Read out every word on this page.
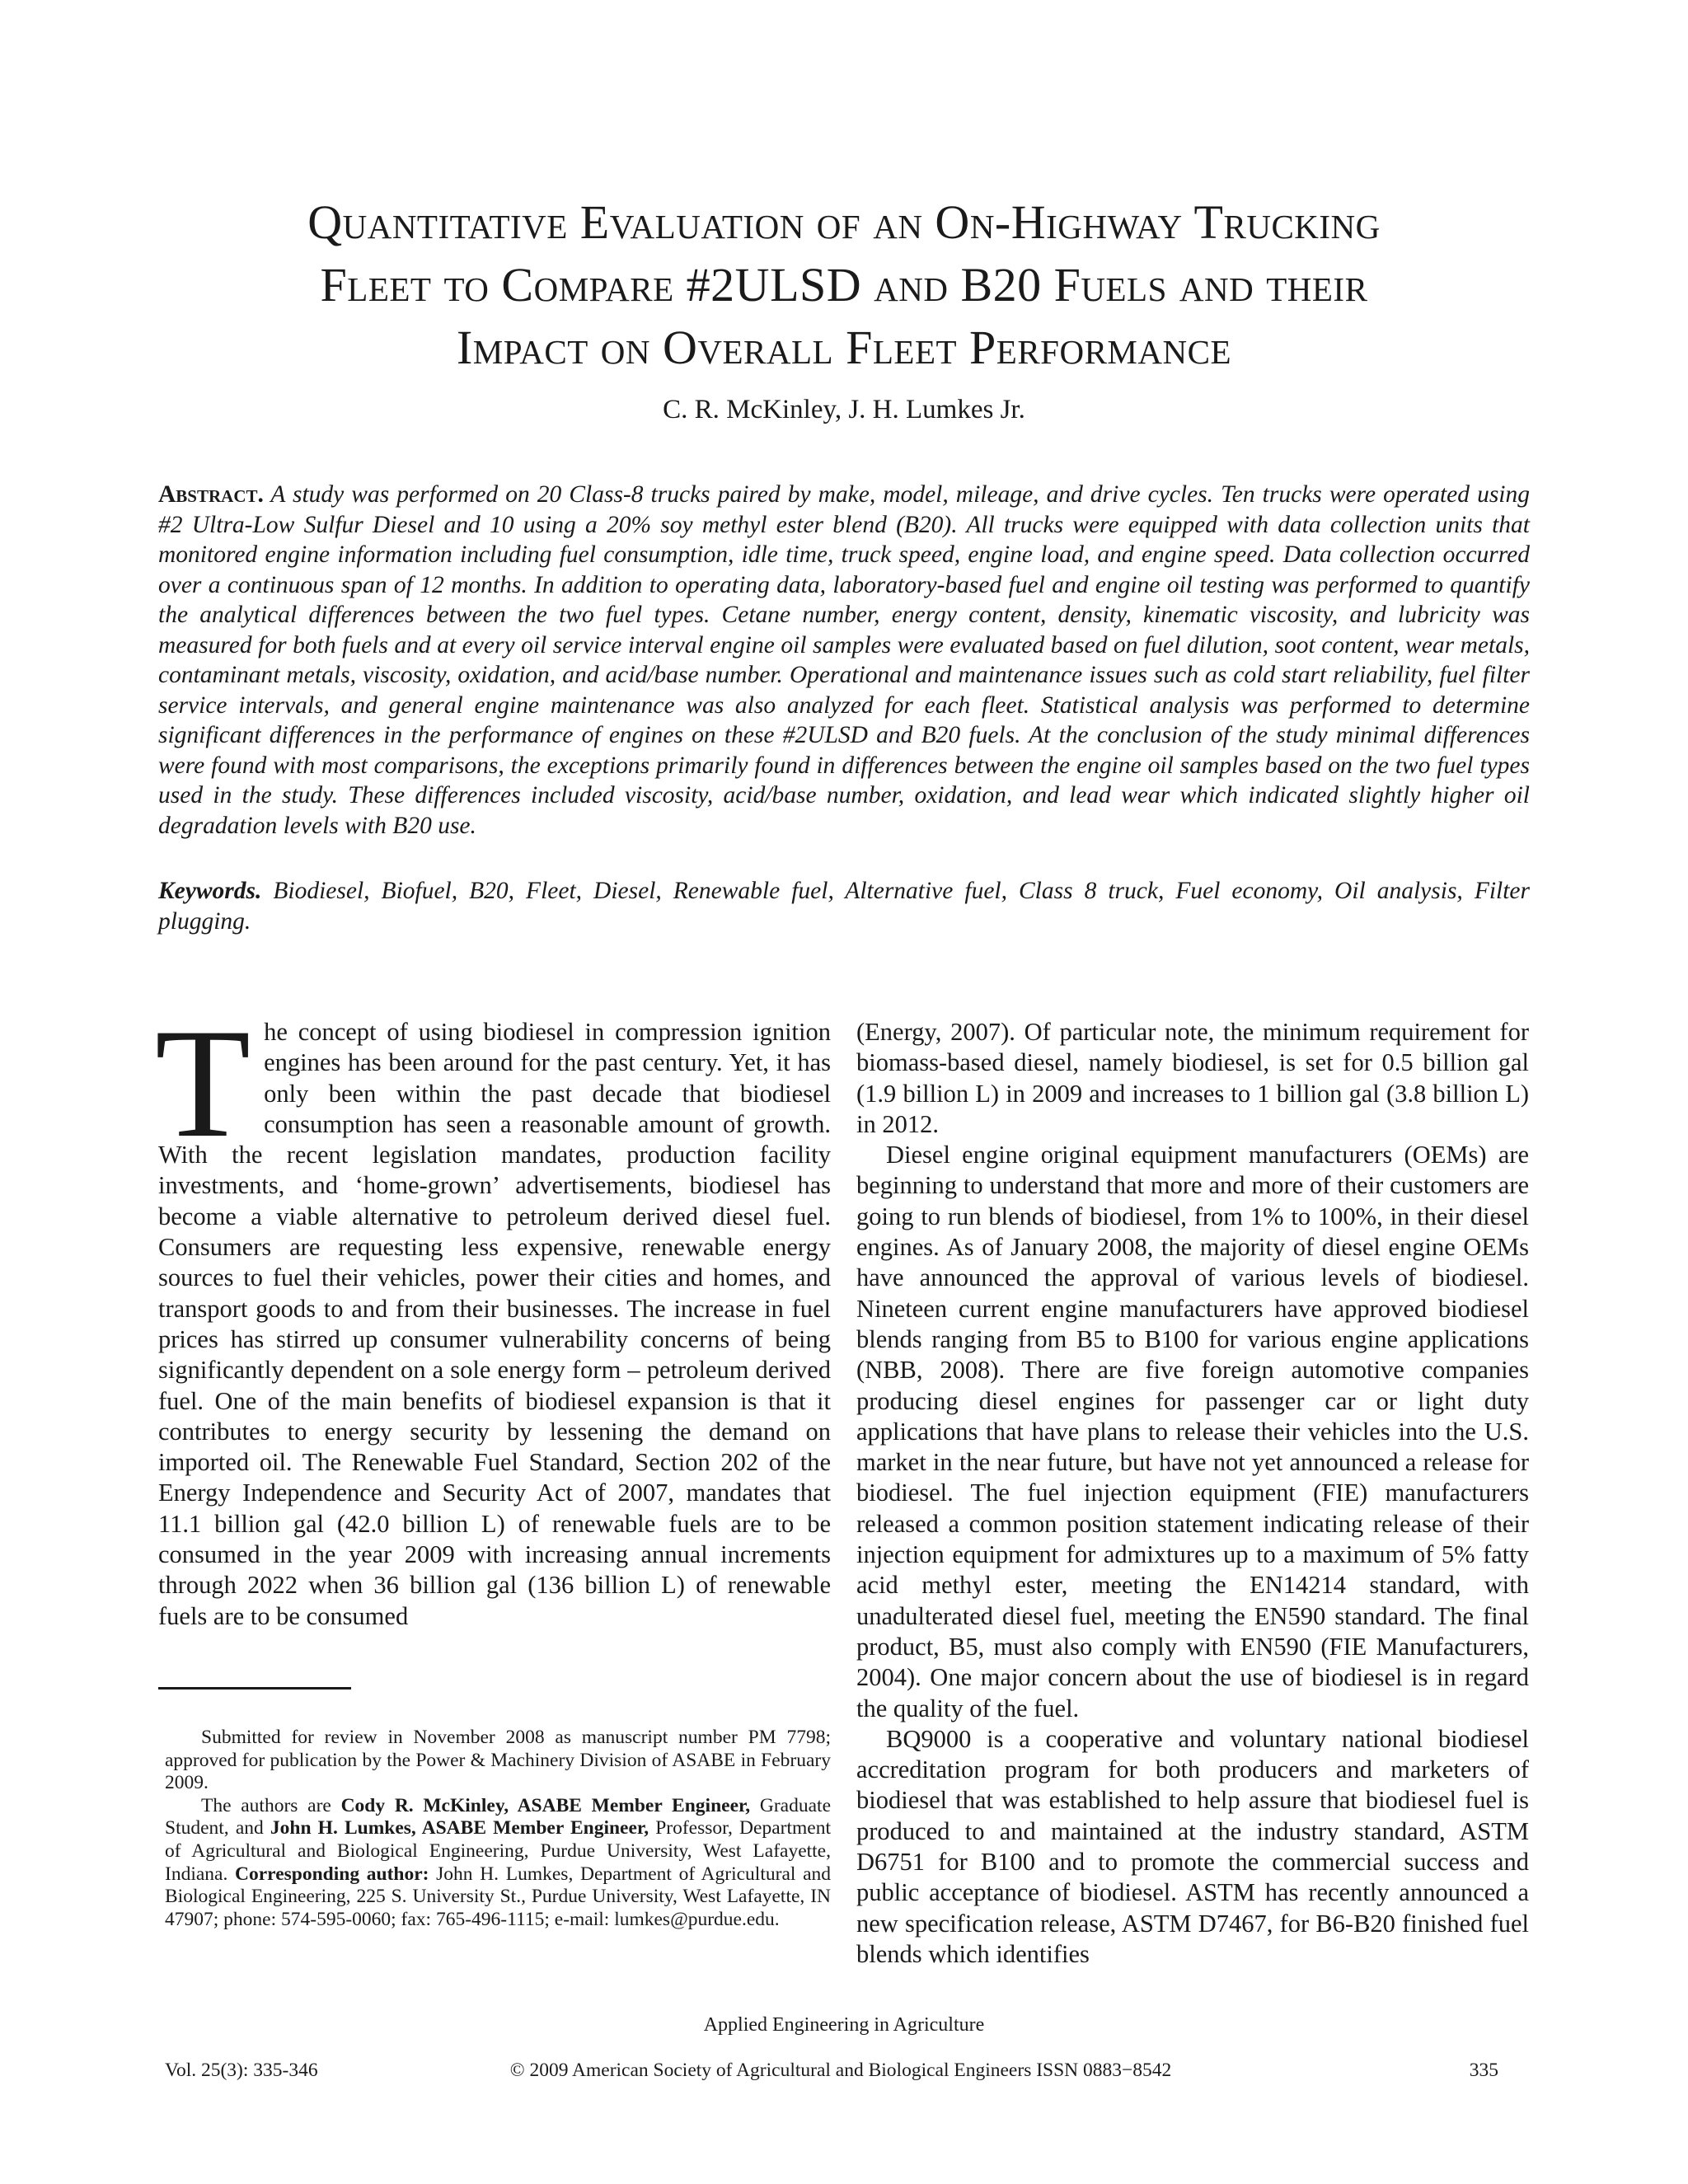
Quantitative Evaluation of an On-Highway Trucking
Fleet to Compare #2ULSD and B20 Fuels and their
Impact on Overall Fleet Performance
C. R. McKinley, J. H. Lumkes Jr.

Abstract. A study was performed on 20 Class-8 trucks paired by make, model, mileage, and drive cycles. Ten trucks were operated using #2 Ultra-Low Sulfur Diesel and 10 using a 20% soy methyl ester blend (B20). All trucks were equipped with data collection units that monitored engine information including fuel consumption, idle time, truck speed, engine load, and engine speed. Data collection occurred over a continuous span of 12 months. In addition to operating data, laboratory-based fuel and engine oil testing was performed to quantify the analytical differences between the two fuel types. Cetane number, energy content, density, kinematic viscosity, and lubricity was measured for both fuels and at every oil service interval engine oil samples were evaluated based on fuel dilution, soot content, wear metals, contaminant metals, viscosity, oxidation, and acid/base number. Operational and maintenance issues such as cold start reliability, fuel filter service intervals, and general engine maintenance was also analyzed for each fleet. Statistical analysis was performed to determine significant differences in the performance of engines on these #2ULSD and B20 fuels. At the conclusion of the study minimal differences were found with most comparisons, the exceptions primarily found in differences between the engine oil samples based on the two fuel types used in the study. These differences included viscosity, acid/base number, oxidation, and lead wear which indicated slightly higher oil degradation levels with B20 use.

Keywords. Biodiesel, Biofuel, B20, Fleet, Diesel, Renewable fuel, Alternative fuel, Class 8 truck, Fuel economy, Oil analysis, Filter plugging.

The concept of using biodiesel in compression ignition engines has been around for the past century. Yet, it has only been within the past decade that biodiesel consumption has seen a reasonable amount of growth. With the recent legislation mandates, production facility investments, and ‘home-grown’ advertisements, biodiesel has become a viable alternative to petroleum derived diesel fuel. Consumers are requesting less expensive, renewable energy sources to fuel their vehicles, power their cities and homes, and transport goods to and from their businesses. The increase in fuel prices has stirred up consumer vulnerability concerns of being significantly dependent on a sole energy form – petroleum derived fuel. One of the main benefits of biodiesel expansion is that it contributes to energy security by lessening the demand on imported oil. The Renewable Fuel Standard, Section 202 of the Energy Independence and Security Act of 2007, mandates that 11.1 billion gal (42.0 billion L) of renewable fuels are to be consumed in the year 2009 with increasing annual increments through 2022 when 36 billion gal (136 billion L) of renewable fuels are to be consumed

(Energy, 2007). Of particular note, the minimum requirement for biomass-based diesel, namely biodiesel, is set for 0.5 billion gal (1.9 billion L) in 2009 and increases to 1 billion gal (3.8 billion L) in 2012.

Diesel engine original equipment manufacturers (OEMs) are beginning to understand that more and more of their customers are going to run blends of biodiesel, from 1% to 100%, in their diesel engines. As of January 2008, the majority of diesel engine OEMs have announced the approval of various levels of biodiesel. Nineteen current engine manufacturers have approved biodiesel blends ranging from B5 to B100 for various engine applications (NBB, 2008). There are five foreign automotive companies producing diesel engines for passenger car or light duty applications that have plans to release their vehicles into the U.S. market in the near future, but have not yet announced a release for biodiesel. The fuel injection equipment (FIE) manufacturers released a common position statement indicating release of their injection equipment for admixtures up to a maximum of 5% fatty acid methyl ester, meeting the EN14214 standard, with unadulterated diesel fuel, meeting the EN590 standard. The final product, B5, must also comply with EN590 (FIE Manufacturers, 2004). One major concern about the use of biodiesel is in regard the quality of the fuel.

BQ9000 is a cooperative and voluntary national biodiesel accreditation program for both producers and marketers of biodiesel that was established to help assure that biodiesel fuel is produced to and maintained at the industry standard, ASTM D6751 for B100 and to promote the commercial success and public acceptance of biodiesel. ASTM has recently announced a new specification release, ASTM D7467, for B6-B20 finished fuel blends which identifies

Submitted for review in November 2008 as manuscript number PM 7798; approved for publication by the Power & Machinery Division of ASABE in February 2009.

The authors are Cody R. McKinley, ASABE Member Engineer, Graduate Student, and John H. Lumkes, ASABE Member Engineer, Professor, Department of Agricultural and Biological Engineering, Purdue University, West Lafayette, Indiana. Corresponding author: John H. Lumkes, Department of Agricultural and Biological Engineering, 225 S. University St., Purdue University, West Lafayette, IN 47907; phone: 574-595-0060; fax: 765-496-1115; e-mail: lumkes@purdue.edu.

Applied Engineering in Agriculture
Vol. 25(3): 335-346	© 2009 American Society of Agricultural and Biological Engineers ISSN 0883−8542	335
